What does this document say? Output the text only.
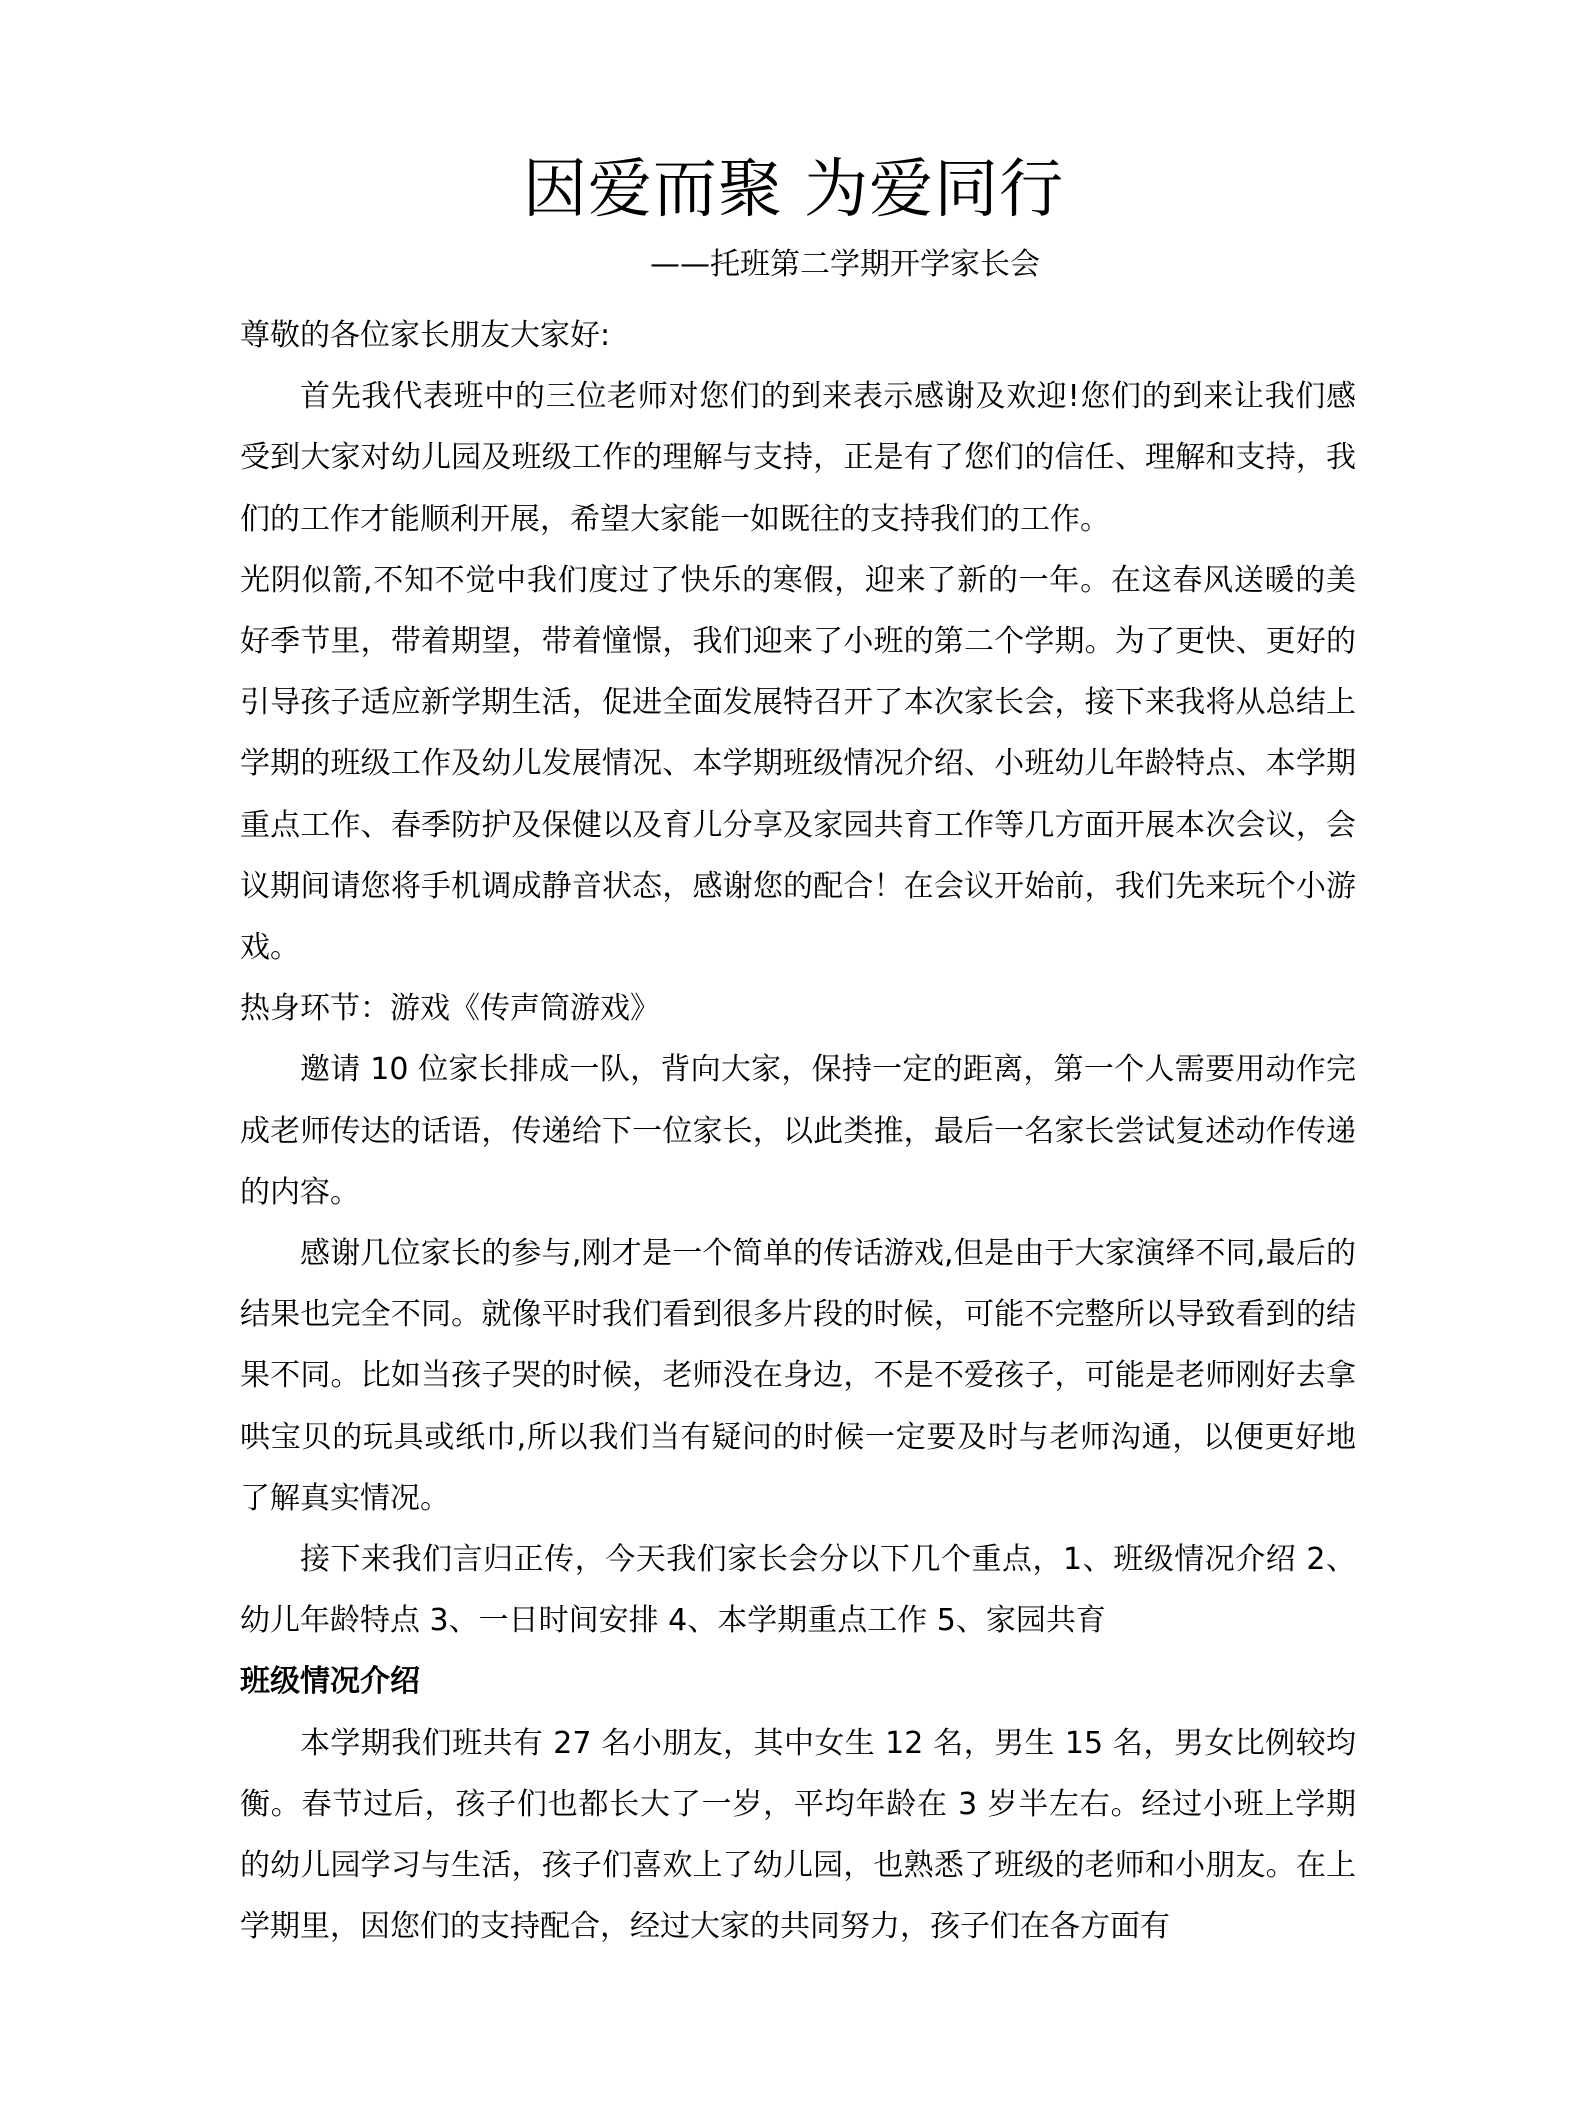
因爱而聚 为爱同行
——托班第二学期开学家长会

尊敬的各位家长朋友大家好:

首先我代表班中的三位老师对您们的到来表示感谢及欢迎!您们的到来让我们感受到大家对幼儿园及班级工作的理解与支持，正是有了您们的信任、理解和支持，我们的工作才能顺利开展，希望大家能一如既往的支持我们的工作。

光阴似箭,不知不觉中我们度过了快乐的寒假，迎来了新的一年。在这春风送暖的美好季节里，带着期望，带着憧憬，我们迎来了小班的第二个学期。为了更快、更好的引导孩子适应新学期生活，促进全面发展特召开了本次家长会，接下来我将从总结上学期的班级工作及幼儿发展情况、本学期班级情况介绍、小班幼儿年龄特点、本学期重点工作、春季防护及保健以及育儿分享及家园共育工作等几方面开展本次会议，会议期间请您将手机调成静音状态，感谢您的配合！在会议开始前，我们先来玩个小游戏。

热身环节：游戏《传声筒游戏》

邀请 10 位家长排成一队，背向大家，保持一定的距离，第一个人需要用动作完成老师传达的话语，传递给下一位家长，以此类推，最后一名家长尝试复述动作传递的内容。

感谢几位家长的参与,刚才是一个简单的传话游戏,但是由于大家演绎不同,最后的结果也完全不同。就像平时我们看到很多片段的时候，可能不完整所以导致看到的结果不同。比如当孩子哭的时候，老师没在身边，不是不爱孩子，可能是老师刚好去拿哄宝贝的玩具或纸巾,所以我们当有疑问的时候一定要及时与老师沟通，以便更好地了解真实情况。

接下来我们言归正传，今天我们家长会分以下几个重点，1、班级情况介绍 2、幼儿年龄特点 3、一日时间安排 4、本学期重点工作 5、家园共育

班级情况介绍

本学期我们班共有 27 名小朋友，其中女生 12 名，男生 15 名，男女比例较均衡。春节过后，孩子们也都长大了一岁，平均年龄在 3 岁半左右。经过小班上学期的幼儿园学习与生活，孩子们喜欢上了幼儿园，也熟悉了班级的老师和小朋友。在上学期里，因您们的支持配合，经过大家的共同努力，孩子们在各方面有
